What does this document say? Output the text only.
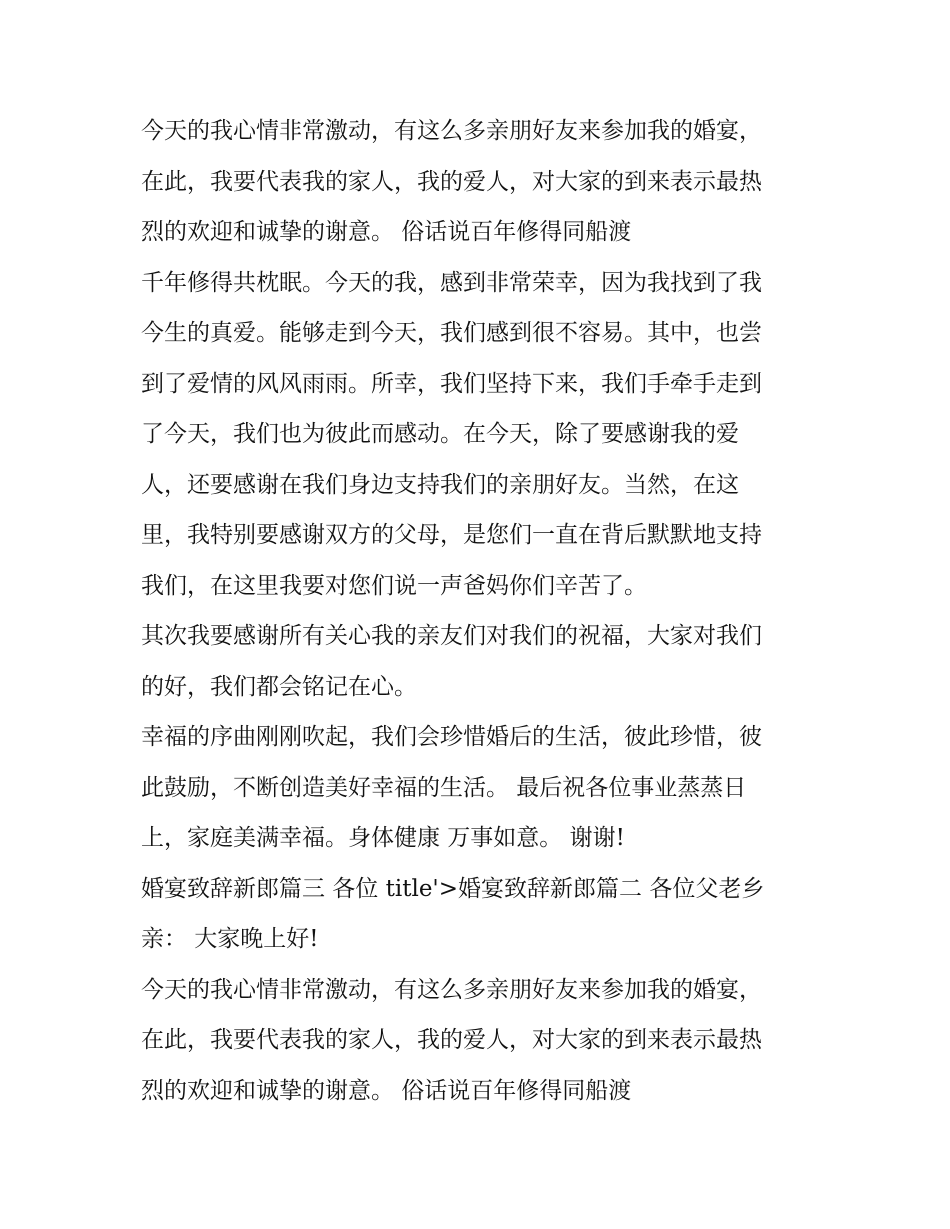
今天的我心情非常激动，有这么多亲朋好友来参加我的婚宴，
在此，我要代表我的家人，我的爱人，对大家的到来表示最热
烈的欢迎和诚挚的谢意。 俗话说百年修得同船渡
千年修得共枕眠。今天的我，感到非常荣幸，因为我找到了我
今生的真爱。能够走到今天，我们感到很不容易。其中，也尝
到了爱情的风风雨雨。所幸，我们坚持下来，我们手牵手走到
了今天，我们也为彼此而感动。在今天，除了要感谢我的爱
人，还要感谢在我们身边支持我们的亲朋好友。当然，在这
里，我特别要感谢双方的父母，是您们一直在背后默默地支持
我们，在这里我要对您们说一声爸妈你们辛苦了。
其次我要感谢所有关心我的亲友们对我们的祝福，大家对我们
的好，我们都会铭记在心。
幸福的序曲刚刚吹起，我们会珍惜婚后的生活，彼此珍惜，彼
此鼓励，不断创造美好幸福的生活。 最后祝各位事业蒸蒸日
上，家庭美满幸福。身体健康 万事如意。 谢谢!
婚宴致辞新郎篇三 各位 title'>婚宴致辞新郎篇二 各位父老乡
亲： 大家晚上好!
今天的我心情非常激动，有这么多亲朋好友来参加我的婚宴，
在此，我要代表我的家人，我的爱人，对大家的到来表示最热
烈的欢迎和诚挚的谢意。 俗话说百年修得同船渡
